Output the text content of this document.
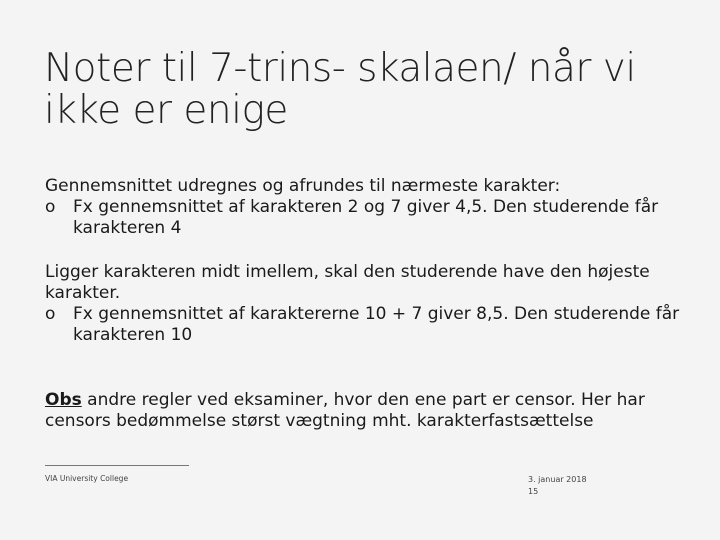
Noter til 7-trins- skalaen/ når vi
ikke er enige

Gennemsnittet udregnes og afrundes til nærmeste karakter:

o Fx gennemsnittet af karakteren 2 og 7 giver 4,5. Den studerende får karakteren 4

Ligger karakteren midt imellem, skal den studerende have den højeste karakter.

o Fx gennemsnittet af karaktererne 10 + 7 giver 8,5. Den studerende får karakteren 10

Obs andre regler ved eksaminer, hvor den ene part er censor. Her har censors bedømmelse størst vægtning mht. karakterfastsættelse

VIA University College	3. januar 2018
15
